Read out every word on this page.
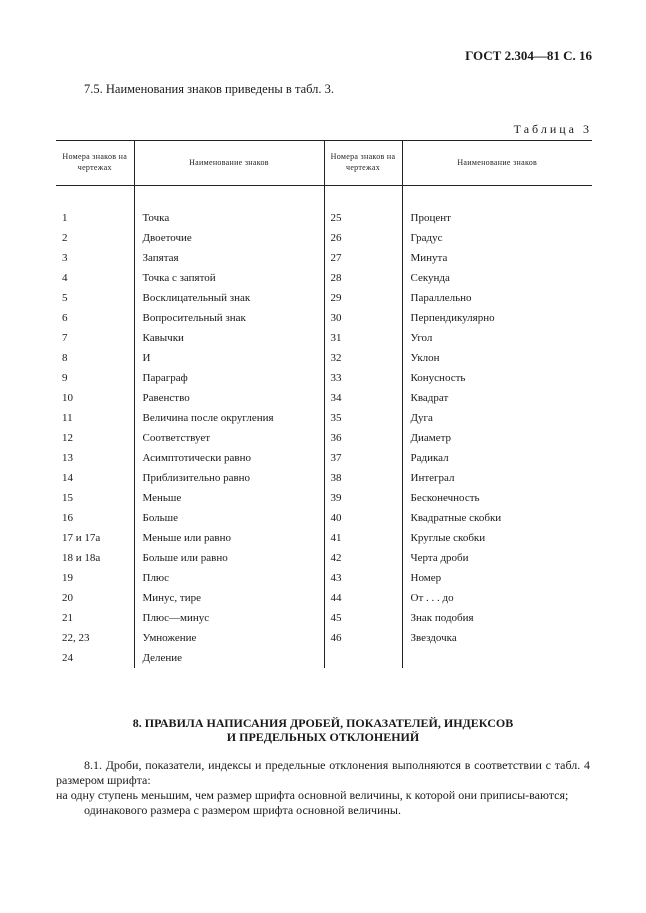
ГОСТ 2.304—81 С. 16
7.5. Наименования знаков приведены в табл. 3.
Таблица 3
Номера знаков на чертежах	Наименование знаков	Номера знаков на чертежах	Наименование знаков

1	Точка	25	Процент
2	Двоеточие	26	Градус
3	Запятая	27	Минута
4	Точка с запятой	28	Секунда
5	Восклицательный знак	29	Параллельно
6	Вопросительный знак	30	Перпендикулярно
7	Кавычки	31	Угол
8	И	32	Уклон
9	Параграф	33	Конусность
10	Равенство	34	Квадрат
11	Величина после округления	35	Дуга
12	Соответствует	36	Диаметр
13	Асимптотически равно	37	Радикал
14	Приблизительно равно	38	Интеграл
15	Меньше	39	Бесконечность
16	Больше	40	Квадратные скобки
17 и 17а	Меньше или равно	41	Круглые скобки
18 и 18а	Больше или равно	42	Черта дроби
19	Плюс	43	Номер
20	Минус, тире	44	От . . . до
21	Плюс—минус	45	Знак подобия
22, 23	Умножение	46	Звездочка
24	Деление		
8. ПРАВИЛА НАПИСАНИЯ ДРОБЕЙ, ПОКАЗАТЕЛЕЙ, ИНДЕКСОВ
И ПРЕДЕЛЬНЫХ ОТКЛОНЕНИЙ

8.1. Дроби, показатели, индексы и предельные отклонения выполняются в соответствии с табл. 4 размером шрифта:

на одну ступень меньшим, чем размер шрифта основной величины, к которой они приписы-ваются;

одинакового размера с размером шрифта основной величины.
